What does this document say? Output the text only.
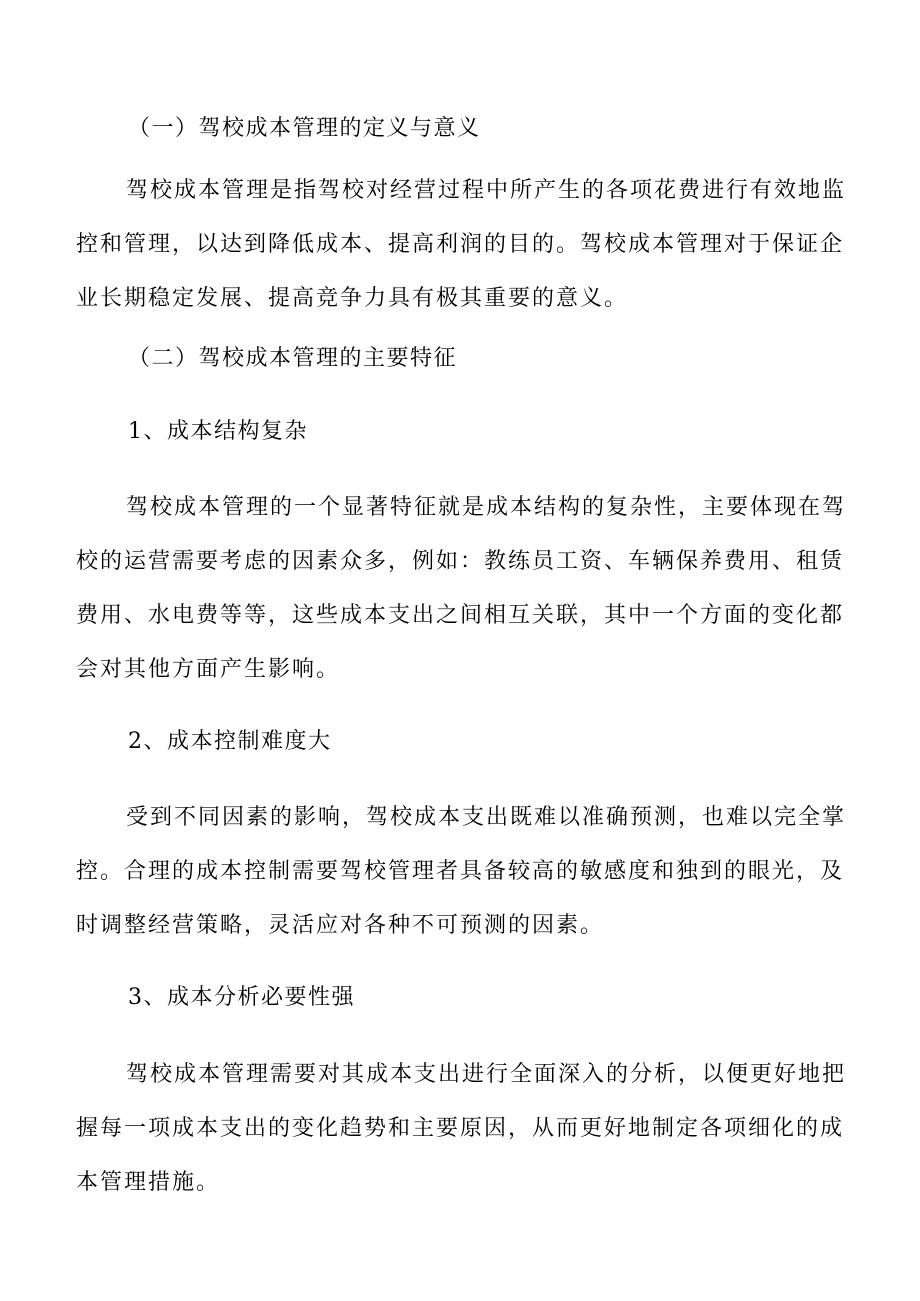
（一）驾校成本管理的定义与意义
驾校成本管理是指驾校对经营过程中所产生的各项花费进行有效地监控和管理，以达到降低成本、提高利润的目的。驾校成本管理对于保证企业长期稳定发展、提高竞争力具有极其重要的意义。
（二）驾校成本管理的主要特征
1、成本结构复杂
驾校成本管理的一个显著特征就是成本结构的复杂性，主要体现在驾校的运营需要考虑的因素众多，例如：教练员工资、车辆保养费用、租赁费用、水电费等等，这些成本支出之间相互关联，其中一个方面的变化都会对其他方面产生影响。
2、成本控制难度大
受到不同因素的影响，驾校成本支出既难以准确预测，也难以完全掌控。合理的成本控制需要驾校管理者具备较高的敏感度和独到的眼光，及时调整经营策略，灵活应对各种不可预测的因素。
3、成本分析必要性强
驾校成本管理需要对其成本支出进行全面深入的分析，以便更好地把握每一项成本支出的变化趋势和主要原因，从而更好地制定各项细化的成本管理措施。
